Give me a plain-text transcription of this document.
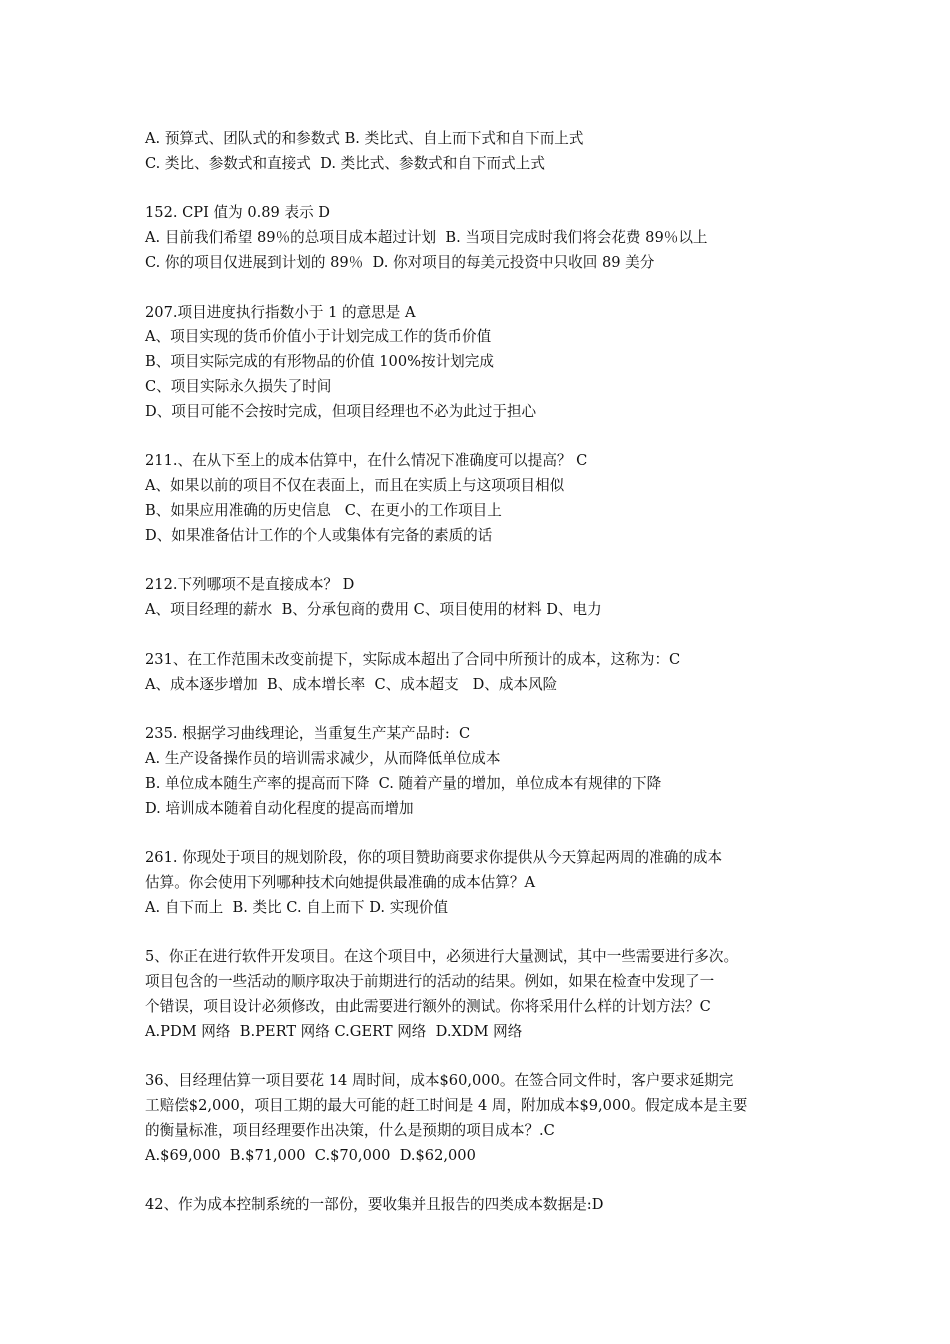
A. 预算式、团队式的和参数式 B. 类比式、自上而下式和自下而上式
C. 类比、参数式和直接式  D. 类比式、参数式和自下而式上式
152. CPI 值为 0.89 表示 D
A. 目前我们希望 89％的总项目成本超过计划  B. 当项目完成时我们将会花费 89％以上
C. 你的项目仅进展到计划的 89％  D. 你对项目的每美元投资中只收回 89 美分
207.项目进度执行指数小于 1 的意思是 A
A、项目实现的货币价值小于计划完成工作的货币价值
B、项目实际完成的有形物品的价值 100%按计划完成
C、项目实际永久损失了时间
D、项目可能不会按时完成，但项目经理也不必为此过于担心
211.、在从下至上的成本估算中，在什么情况下准确度可以提高？ C
A、如果以前的项目不仅在表面上，而且在实质上与这项项目相似
B、如果应用准确的历史信息   C、在更小的工作项目上
D、如果准备估计工作的个人或集体有完备的素质的话
212.下列哪项不是直接成本？ D
A、项目经理的薪水  B、分承包商的费用 C、项目使用的材料 D、电力
231、在工作范围未改变前提下，实际成本超出了合同中所预计的成本，这称为：C
A、成本逐步增加  B、成本增长率  C、成本超支   D、成本风险
235. 根据学习曲线理论，当重复生产某产品时:  C
A. 生产设备操作员的培训需求减少，从而降低单位成本
B. 单位成本随生产率的提高而下降  C. 随着产量的增加，单位成本有规律的下降
D. 培训成本随着自动化程度的提高而增加
261. 你现处于项目的规划阶段，你的项目赞助商要求你提供从今天算起两周的准确的成本
估算。你会使用下列哪种技术向她提供最准确的成本估算？A
A. 自下而上  B. 类比 C. 自上而下 D. 实现价值
5、你正在进行软件开发项目。在这个项目中，必须进行大量测试，其中一些需要进行多次。
项目包含的一些活动的顺序取决于前期进行的活动的结果。例如，如果在检查中发现了一
个错误，项目设计必须修改，由此需要进行额外的测试。你将采用什么样的计划方法？C
A.PDM 网络  B.PERT 网络 C.GERT 网络  D.XDM 网络
36、目经理估算一项目要花 14 周时间，成本$60,000。在签合同文件时，客户要求延期完
工赔偿$2,000，项目工期的最大可能的赶工时间是 4 周，附加成本$9,000。假定成本是主要
的衡量标准，项目经理要作出决策，什么是预期的项目成本？.C
A.$69,000  B.$71,000  C.$70,000  D.$62,000
42、作为成本控制系统的一部份，要收集并且报告的四类成本数据是:D
